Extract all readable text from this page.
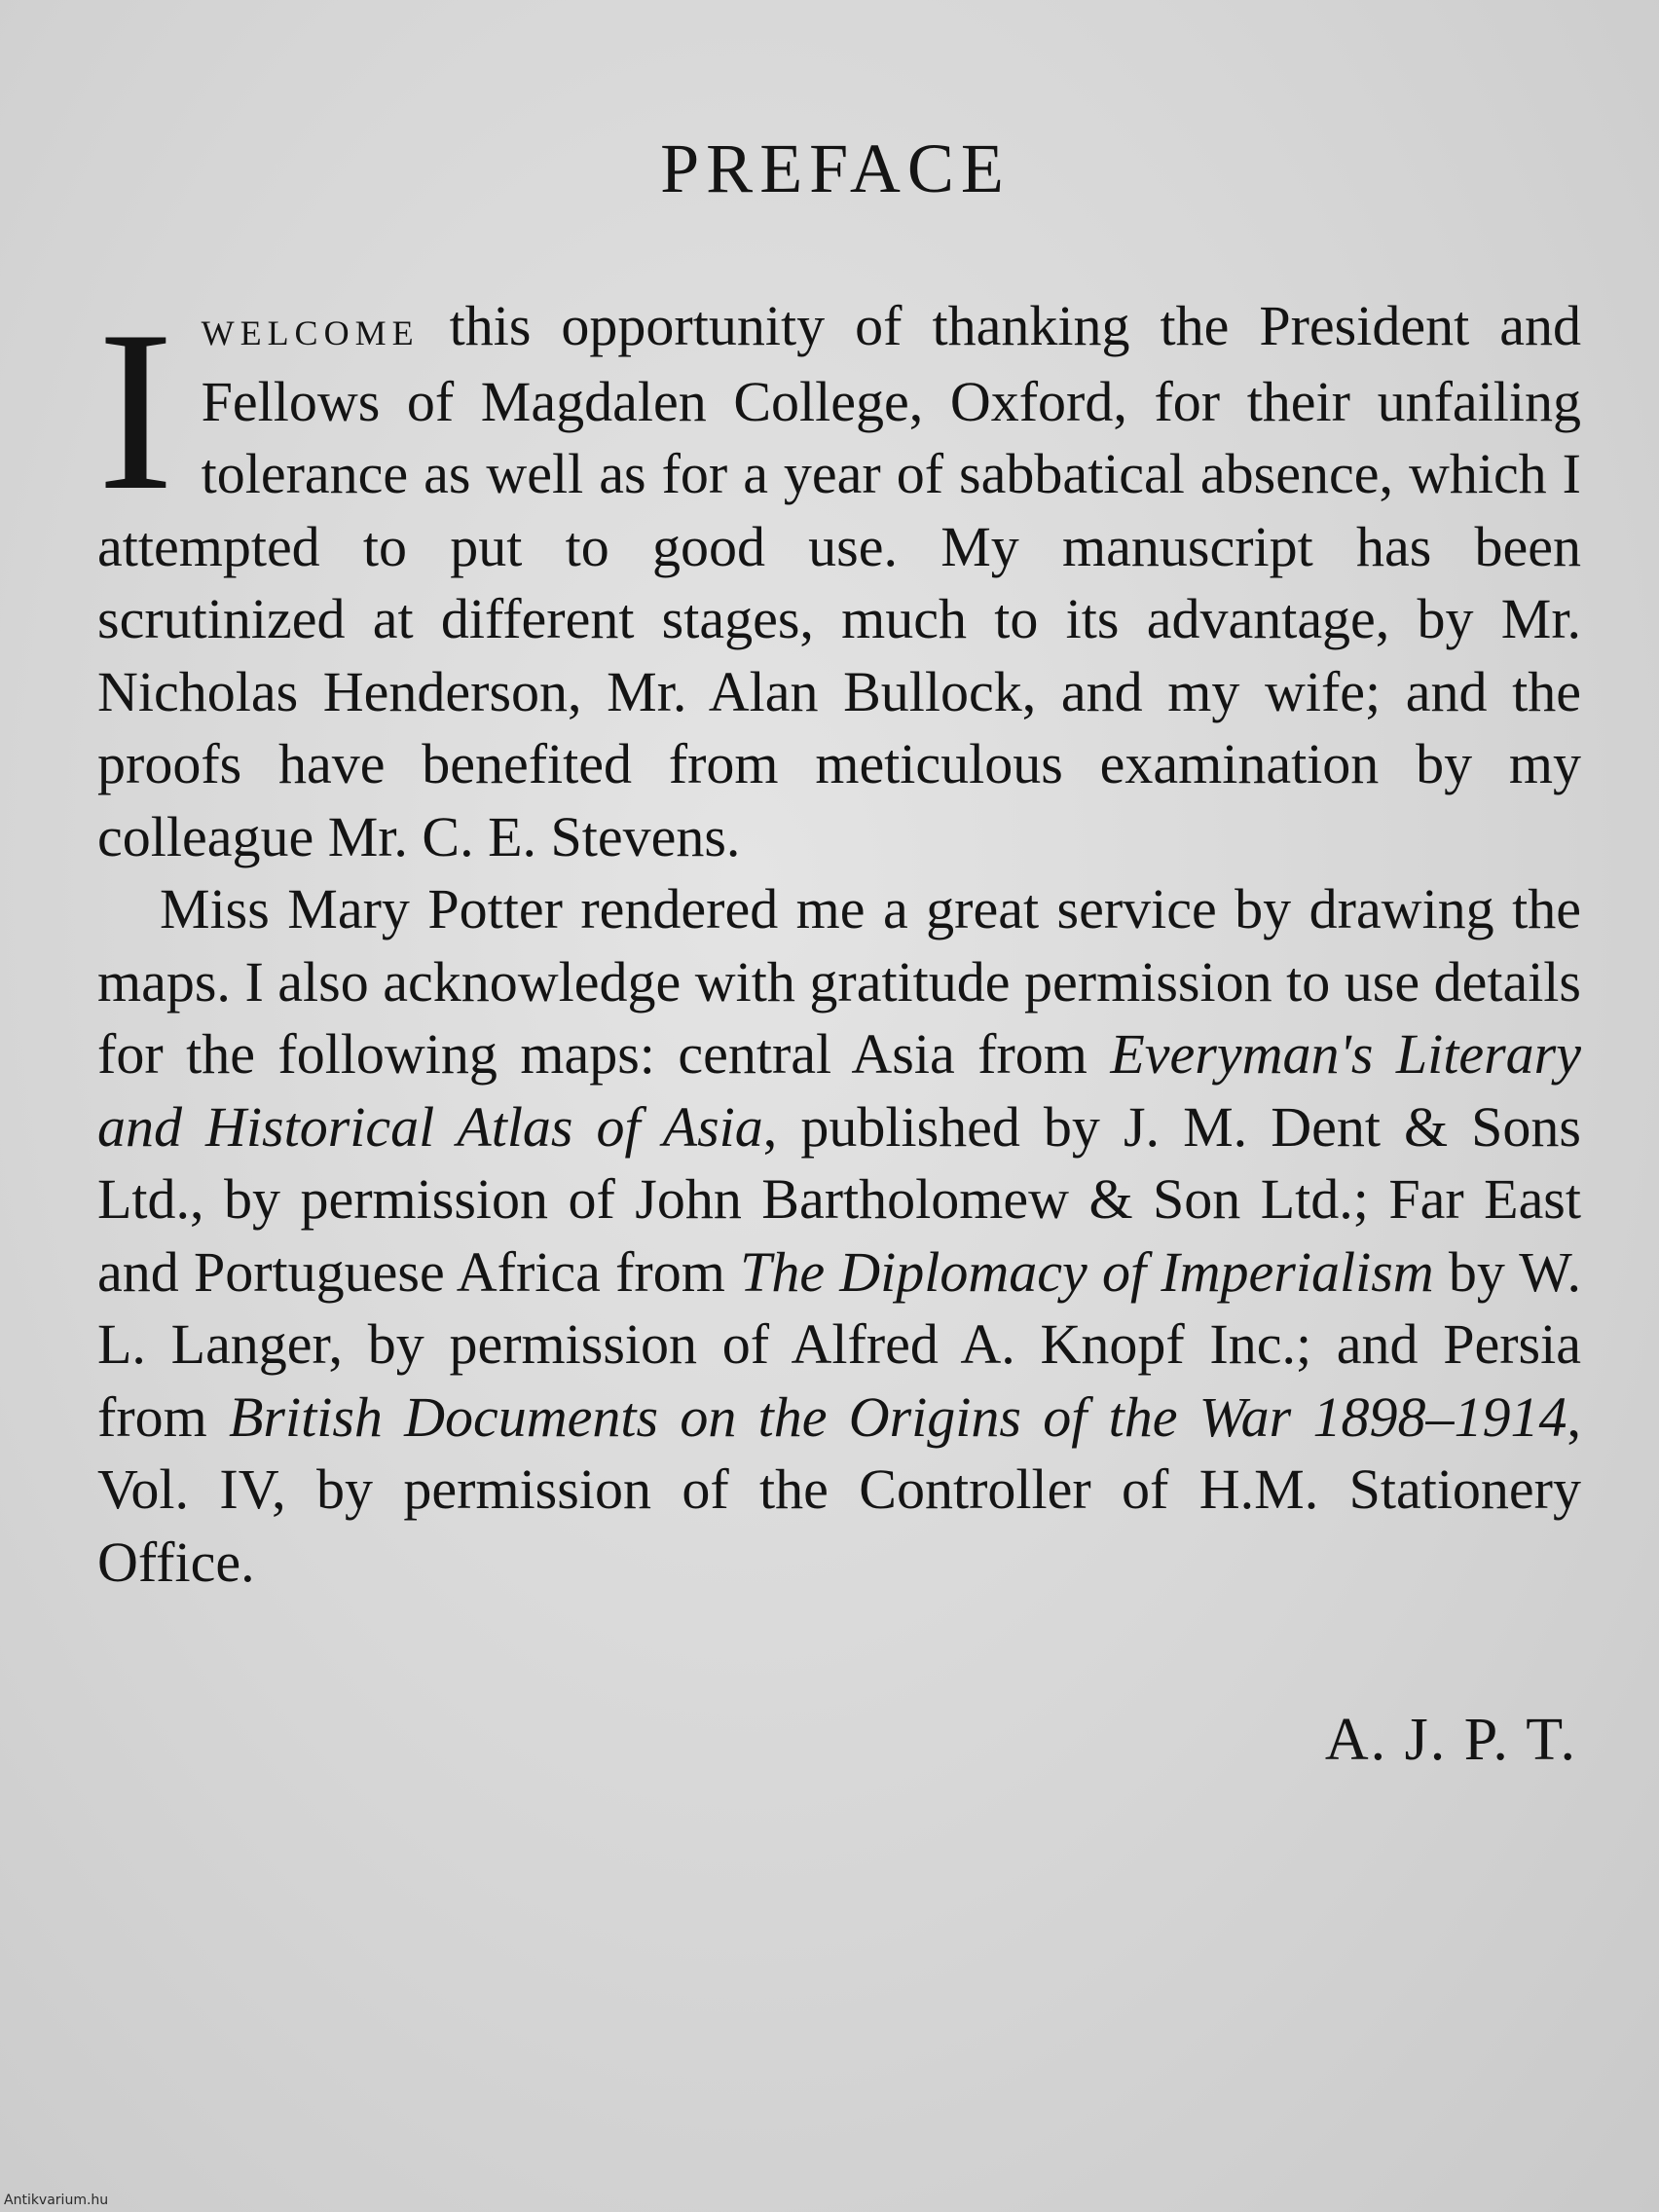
PREFACE

Iwelcome this opportunity of thanking the President and Fellows of Magdalen College, Oxford, for their unfailing tolerance as well as for a year of sabbatical absence, which I attempted to put to good use. My manuscript has been scrutinized at different stages, much to its advantage, by Mr. Nicholas Henderson, Mr. Alan Bullock, and my wife; and the proofs have benefited from meticulous examination by my colleague Mr. C. E. Stevens.

Miss Mary Potter rendered me a great service by drawing the maps. I also acknowledge with gratitude permission to use details for the following maps: central Asia from Everyman's Literary and Historical Atlas of Asia, published by J. M. Dent & Sons Ltd., by permission of John Bartholomew & Son Ltd.; Far East and Portuguese Africa from The Diplomacy of Imperialism by W. L. Langer, by permission of Alfred A. Knopf Inc.; and Persia from British Documents on the Origins of the War 1898–1914, Vol. IV, by permission of the Controller of H.M. Stationery Office.

A. J. P. T.
Antikvarium.hu
